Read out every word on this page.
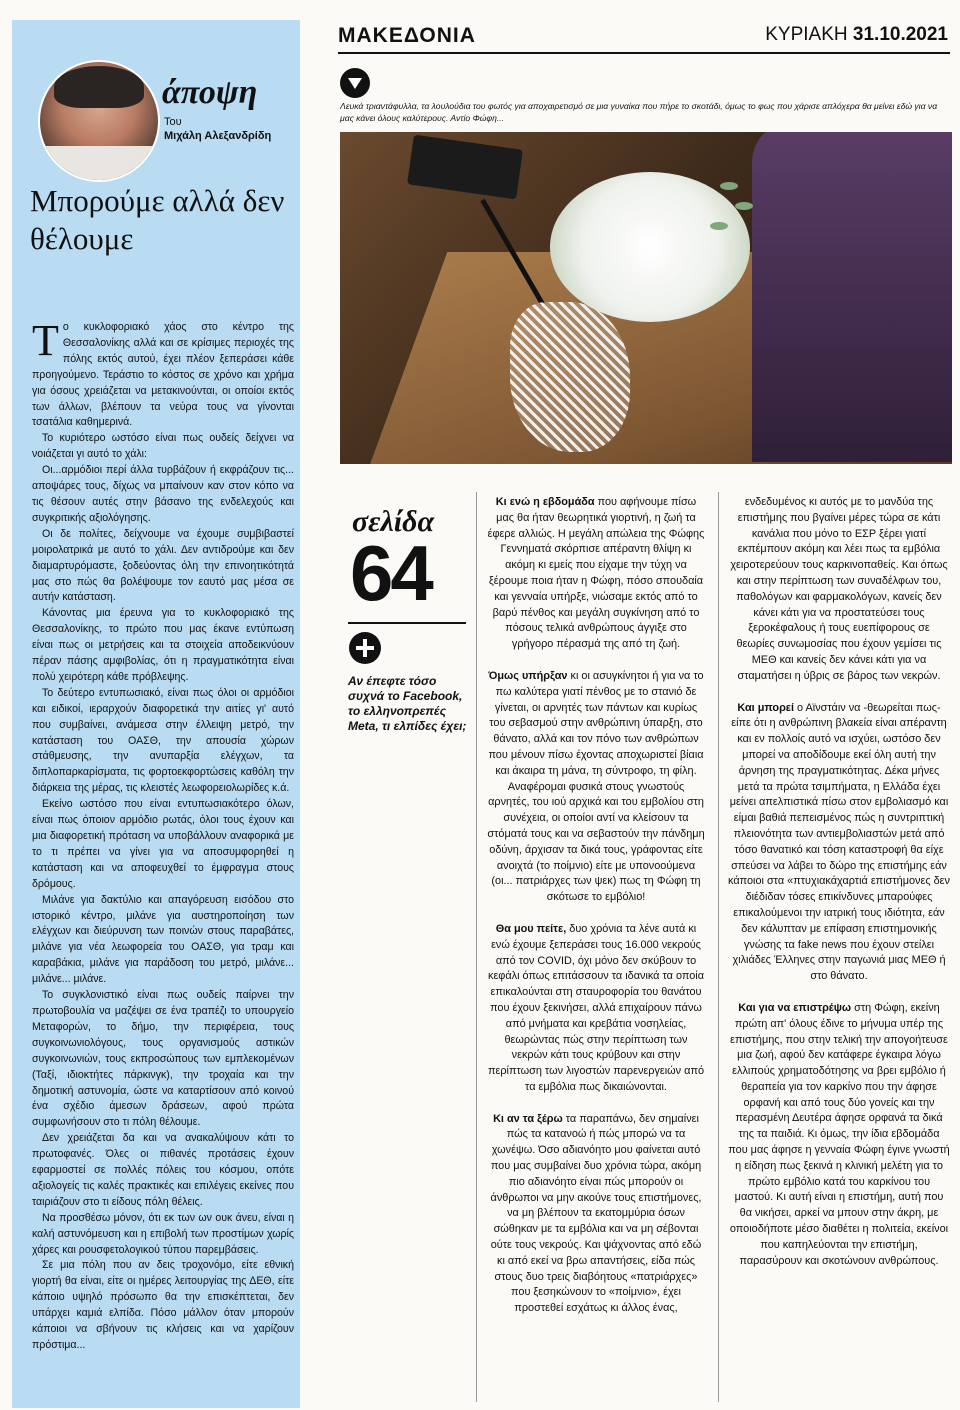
άποψη
Του
Μιχάλη Αλεξανδρίδη
Μπορούμε αλλά δεν θέλουμε

Το κυκλοφοριακό χάος στο κέντρο της Θεσσαλονίκης αλλά και σε κρίσιμες περιοχές της πόλης εκτός αυτού, έχει πλέον ξεπεράσει κάθε προηγούμενο. Τεράστιο το κόστος σε χρόνο και χρήμα για όσους χρειάζεται να μετακινούνται, οι οποίοι εκτός των άλλων, βλέπουν τα νεύρα τους να γίνονται τσατάλια καθημερινά.

Το κυριότερο ωστόσο είναι πως ουδείς δείχνει να νοιάζεται γι αυτό το χάλι:

Οι...αρμόδιοι περί άλλα τυρβάζουν ή εκφράζουν τις... αποψάρες τους, δίχως να μπαίνουν καν στον κόπο να τις θέσουν αυτές στην βάσανο της ενδελεχούς και συγκριτικής αξιολόγησης.

Οι δε πολίτες, δείχνουμε να έχουμε συμβιβαστεί μοιρολατρικά με αυτό το χάλι. Δεν αντιδρούμε και δεν διαμαρτυρόμαστε, ξοδεύοντας όλη την επινοητικότητά μας στο πώς θα βολέψουμε τον εαυτό μας μέσα σε αυτήν κατάσταση.

Κάνοντας μια έρευνα για το κυκλοφοριακό της Θεσσαλονίκης, το πρώτο που μας έκανε εντύπωση είναι πως οι μετρήσεις και τα στοιχεία αποδεικνύουν πέραν πάσης αμφιβολίας, ότι η πραγματικότητα είναι πολύ χειρότερη κάθε πρόβλεψης.

Το δεύτερο εντυπωσιακό, είναι πως όλοι οι αρμόδιοι και ειδικοί, ιεραρχούν διαφορετικά την αιτίες γι' αυτό που συμβαίνει, ανάμεσα στην έλλειψη μετρό, την κατάσταση του ΟΑΣΘ, την απουσία χώρων στάθμευσης, την ανυπαρξία ελέγχων, τα διπλοπαρκαρίσματα, τις φορτοεκφορτώσεις καθόλη την διάρκεια της μέρας, τις κλειστές λεωφορειολωρίδες κ.ά.

Εκείνο ωστόσο που είναι εντυπωσιακότερο όλων, είναι πως όποιον αρμόδιο ρωτάς, όλοι τους έχουν και μια διαφορετική πρόταση να υποβάλλουν αναφορικά με το τι πρέπει να γίνει για να αποσυμφορηθεί η κατάσταση και να αποφευχθεί το έμφραγμα στους δρόμους.

Μιλάνε για δακτύλιο και απαγόρευση εισόδου στο ιστορικό κέντρο, μιλάνε για αυστηροποίηση των ελέγχων και διεύρυνση των ποινών στους παραβάτες, μιλάνε για νέα λεωφορεία του ΟΑΣΘ, για τραμ και καραβάκια, μιλάνε για παράδοση του μετρό, μιλάνε... μιλάνε... μιλάνε.

Το συγκλονιστικό είναι πως ουδείς παίρνει την πρωτοβουλία να μαζέψει σε ένα τραπέζι το υπουργείο Μεταφορών, το δήμο, την περιφέρεια, τους συγκοινωνιολόγους, τους οργανισμούς αστικών συγκοινωνιών, τους εκπροσώπους των εμπλεκομένων (Ταξί, ιδιοκτήτες πάρκινγκ), την τροχαία και την δημοτική αστυνομία, ώστε να καταρτίσουν από κοινού ένα σχέδιο άμεσων δράσεων, αφού πρώτα συμφωνήσουν στο τι πόλη θέλουμε.

Δεν χρειάζεται δα και να ανακαλύψουν κάτι το πρωτοφανές. Όλες οι πιθανές προτάσεις έχουν εφαρμοστεί σε πολλές πόλεις του κόσμου, οπότε αξιολογείς τις καλές πρακτικές και επιλέγεις εκείνες που ταιριάζουν στο τι είδους πόλη θέλεις.

Να προσθέσω μόνον, ότι εκ των ων ουκ άνευ, είναι η καλή αστυνόμευση και η επιβολή των προστίμων χωρίς χάρες και ρουσφετολογικού τύπου παρεμβάσεις.

Σε μια πόλη που αν δεις τροχονόμο, είτε εθνική γιορτή θα είναι, είτε οι ημέρες λειτουργίας της ΔΕΘ, είτε κάποιο υψηλό πρόσωπο θα την επισκέπτεται, δεν υπάρχει καμιά ελπίδα. Πόσο μάλλον όταν μπορούν κάποιοι να σβήνουν τις κλήσεις και να χαρίζουν πρόστιμα...

ΜΑΚΕΔΟΝΙΑ	ΚΥΡΙΑΚΗ 31.10.2021
Λευκά τριαντάφυλλα, τα λουλούδια του φωτός για αποχαιρετισμό σε μια γυναίκα που πήρε το σκοτάδι, όμως το φως που χάρισε απλόχερα θα μείνει εδώ για να μας κάνει όλους καλύτερους. Αντίο Φώφη...
σελίδα
64
Αν έπεφτε τόσο συχνά το Facebook, το ελληνοπρεπές Meta, τι ελπίδες έχει;

Κι ενώ η εβδομάδα που αφήνουμε πίσω μας θα ήταν θεωρητικά γιορτινή, η ζωή τα έφερε αλλιώς. Η μεγάλη απώλεια της Φώφης Γεννηματά σκόρπισε απέραντη θλίψη κι ακόμη κι εμείς που είχαμε την τύχη να ξέρουμε ποια ήταν η Φώφη, πόσο σπουδαία και γενναία υπήρξε, νιώσαμε εκτός από το βαρύ πένθος και μεγάλη συγκίνηση από το πόσους τελικά ανθρώπους άγγιξε στο γρήγορο πέρασμά της από τη ζωή.

Όμως υπήρξαν κι οι ασυγκίνητοι ή για να το πω καλύτερα γιατί πένθος με το στανιό δε γίνεται, οι αρνητές των πάντων και κυρίως του σεβασμού στην ανθρώπινη ύπαρξη, στο θάνατο, αλλά και τον πόνο των ανθρώπων που μένουν πίσω έχοντας αποχωριστεί βίαια και άκαιρα τη μάνα, τη σύντροφο, τη φίλη. Αναφέρομαι φυσικά στους γνωστούς αρνητές, του ιού αρχικά και του εμβολίου στη συνέχεια, οι οποίοι αντί να κλείσουν τα στόματά τους και να σεβαστούν την πάνδημη οδύνη, άρχισαν τα δικά τους, γράφοντας είτε ανοιχτά (το ποίμνιο) είτε με υπονοούμενα (οι... πατριάρχες των ψεκ) πως τη Φώφη τη σκότωσε το εμβόλιο!

Θα μου πείτε, δυο χρόνια τα λένε αυτά κι ενώ έχουμε ξεπεράσει τους 16.000 νεκρούς από τον COVID, όχι μόνο δεν σκύβουν το κεφάλι όπως επιτάσσουν τα ιδανικά τα οποία επικαλούνται στη σταυροφορία του θανάτου που έχουν ξεκινήσει, αλλά επιχαίρουν πάνω από μνήματα και κρεβάτια νοσηλείας, θεωρώντας πώς στην περίπτωση των νεκρών κάτι τους κρύβουν και στην περίπτωση των λιγοστών παρενεργειών από τα εμβόλια πως δικαιώνονται.

Κι αν τα ξέρω τα παραπάνω, δεν σημαίνει πώς τα κατανοώ ή πώς μπορώ να τα χωνέψω. Όσο αδιανόητο μου φαίνεται αυτό που μας συμβαίνει δυο χρόνια τώρα, ακόμη πιο αδιανόητο είναι πώς μπορούν οι άνθρωποι να μην ακούνε τους επιστήμονες, να μη βλέπουν τα εκατομμύρια όσων σώθηκαν με τα εμβόλια και να μη σέβονται ούτε τους νεκρούς. Και ψάχνοντας από εδώ κι από εκεί να βρω απαντήσεις, είδα πώς στους δυο τρεις διαβόητους «πατριάρχες» που ξεσηκώνουν το «ποίμνιο», έχει προστεθεί εσχάτως κι άλλος ένας,

ενδεδυμένος κι αυτός με το μανδύα της επιστήμης που βγαίνει μέρες τώρα σε κάτι κανάλια που μόνο το ΕΣΡ ξέρει γιατί εκπέμπουν ακόμη και λέει πως τα εμβόλια χειροτερεύουν τους καρκινοπαθείς. Και όπως και στην περίπτωση των συναδέλφων του, παθολόγων και φαρμακολόγων, κανείς δεν κάνει κάτι για να προστατεύσει τους ξεροκέφαλους ή τους ευεπίφορους σε θεωρίες συνωμοσίας που έχουν γεμίσει τις ΜΕΘ και κανείς δεν κάνει κάτι για να σταματήσει η ύβρις σε βάρος των νεκρών.

Και μπορεί ο Αϊνστάιν να -θεωρείται πως- είπε ότι η ανθρώπινη βλακεία είναι απέραντη και εν πολλοίς αυτό να ισχύει, ωστόσο δεν μπορεί να αποδίδουμε εκεί όλη αυτή την άρνηση της πραγματικότητας. Δέκα μήνες μετά τα πρώτα τσιμπήματα, η Ελλάδα έχει μείνει απελπιστικά πίσω στον εμβολιασμό και είμαι βαθιά πεπεισμένος πώς η συντριπτική πλειονότητα των αντιεμβολιαστών μετά από τόσο θανατικό και τόση καταστροφή θα είχε σπεύσει να λάβει το δώρο της επιστήμης εάν κάποιοι στα «πτυχιακάχαρτιά επιστήμονες δεν διέδιδαν τόσες επικίνδυνες μπαρούφες επικαλούμενοι την ιατρική τους ιδιότητα, εάν δεν κάλυπταν με επίφαση επιστημονικής γνώσης τα fake news που έχουν στείλει χιλιάδες Έλληνες στην παγωνιά μιας ΜΕΘ ή στο θάνατο.

Και για να επιστρέψω στη Φώφη, εκείνη πρώτη απ' όλους έδινε το μήνυμα υπέρ της επιστήμης, που στην τελική την απογοήτευσε μια ζωή, αφού δεν κατάφερε έγκαιρα λόγω ελλιπούς χρηματοδότησης να βρει εμβόλιο ή θεραπεία για τον καρκίνο που την άφησε ορφανή και από τους δύο γονείς και την περασμένη Δευτέρα άφησε ορφανά τα δικά της τα παιδιά. Κι όμως, την ίδια εβδομάδα που μας άφησε η γενναία Φώφη έγινε γνωστή η είδηση πως ξεκινά η κλινική μελέτη για το πρώτο εμβόλιο κατά του καρκίνου του μαστού. Κι αυτή είναι η επιστήμη, αυτή που θα νικήσει, αρκεί να μπουν στην άκρη, με οποιοδήποτε μέσο διαθέτει η πολιτεία, εκείνοι που καπηλεύονται την επιστήμη, παρασύρουν και σκοτώνουν ανθρώπους.
